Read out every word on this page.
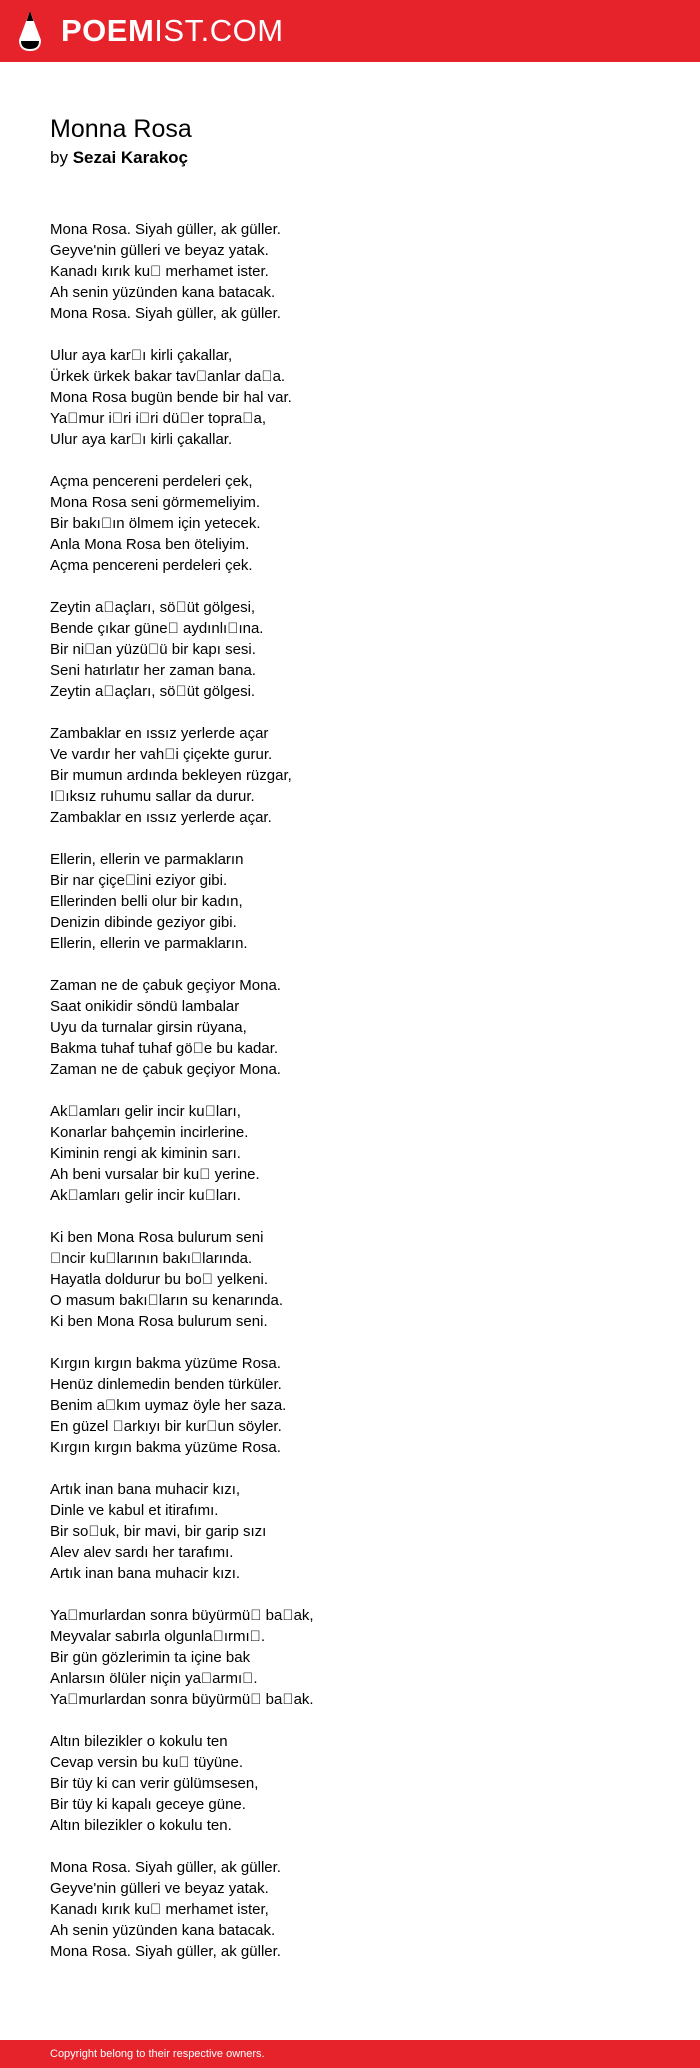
POEMIST.COM
Monna Rosa
by Sezai Karakoç
Mona Rosa. Siyah güller, ak güller.
Geyve'nin gülleri ve beyaz yatak.
Kanadı kırık ku  merhamet ister.
Ah senin yüzünden kana batacak.
Mona Rosa. Siyah güller, ak güller.
Ulur aya kar ı kirli çakallar,
Ürkek ürkek bakar tav anlar da a.
Mona Rosa bugün bende bir hal var.
Ya mur i ri i ri dü er topra a,
Ulur aya kar ı kirli çakallar.
Açma pencereni perdeleri çek,
Mona Rosa seni görmemeliyim.
Bir bakı ın ölmem için yetecek.
Anla Mona Rosa ben öteliyim.
Açma pencereni perdeleri çek.
Zeytin a açları, sö üt gölgesi,
Bende çıkar güne  aydınlı ına.
Bir ni an yüzü ü bir kapı sesi.
Seni hatırlatır her zaman bana.
Zeytin a açları, sö üt gölgesi.
Zambaklar en ıssız yerlerde açar
Ve vardır her vah i çiçekte gurur.
Bir mumun ardında bekleyen rüzgar,
I ıksız ruhumu sallar da durur.
Zambaklar en ıssız yerlerde açar.
Ellerin, ellerin ve parmakların
Bir nar çiçe ini eziyor gibi.
Ellerinden belli olur bir kadın,
Denizin dibinde geziyor gibi.
Ellerin, ellerin ve parmakların.
Zaman ne de çabuk geçiyor Mona.
Saat onikidir söndü lambalar
Uyu da turnalar girsin rüyana,
Bakma tuhaf tuhaf gö e bu kadar.
Zaman ne de çabuk geçiyor Mona.
Ak amları gelir incir ku ları,
Konarlar bahçemin incirlerine.
Kiminin rengi ak kiminin sarı.
Ah beni vursalar bir ku  yerine.
Ak amları gelir incir ku ları.
Ki ben Mona Rosa bulurum seni
 ncir ku larının bakı larında.
Hayatla doldurur bu bo  yelkeni.
O masum bakı ların su kenarında.
Ki ben Mona Rosa bulurum seni.
Kırgın kırgın bakma yüzüme Rosa.
Henüz dinlemedin benden türküler.
Benim a kım uymaz öyle her saza.
En güzel  arkıyı bir kur un söyler.
Kırgın kırgın bakma yüzüme Rosa.
Artık inan bana muhacir kızı,
Dinle ve kabul et itirafımı.
Bir so uk, bir mavi, bir garip sızı
Alev alev sardı her tarafımı.
Artık inan bana muhacir kızı.
Ya murlardan sonra büyürmü  ba ak,
Meyvalar sabırla olgunla ırmı .
Bir gün gözlerimin ta içine bak
Anlarsın ölüler niçin ya armı .
Ya murlardan sonra büyürmü  ba ak.
Altın bilezikler o kokulu ten
Cevap versin bu ku  tüyüne.
Bir tüy ki can verir gülümsesen,
Bir tüy ki kapalı geceye güne.
Altın bilezikler o kokulu ten.
Mona Rosa. Siyah güller, ak güller.
Geyve'nin gülleri ve beyaz yatak.
Kanadı kırık ku  merhamet ister,
Ah senin yüzünden kana batacak.
Mona Rosa. Siyah güller, ak güller.
Copyright belong to their respective owners.
